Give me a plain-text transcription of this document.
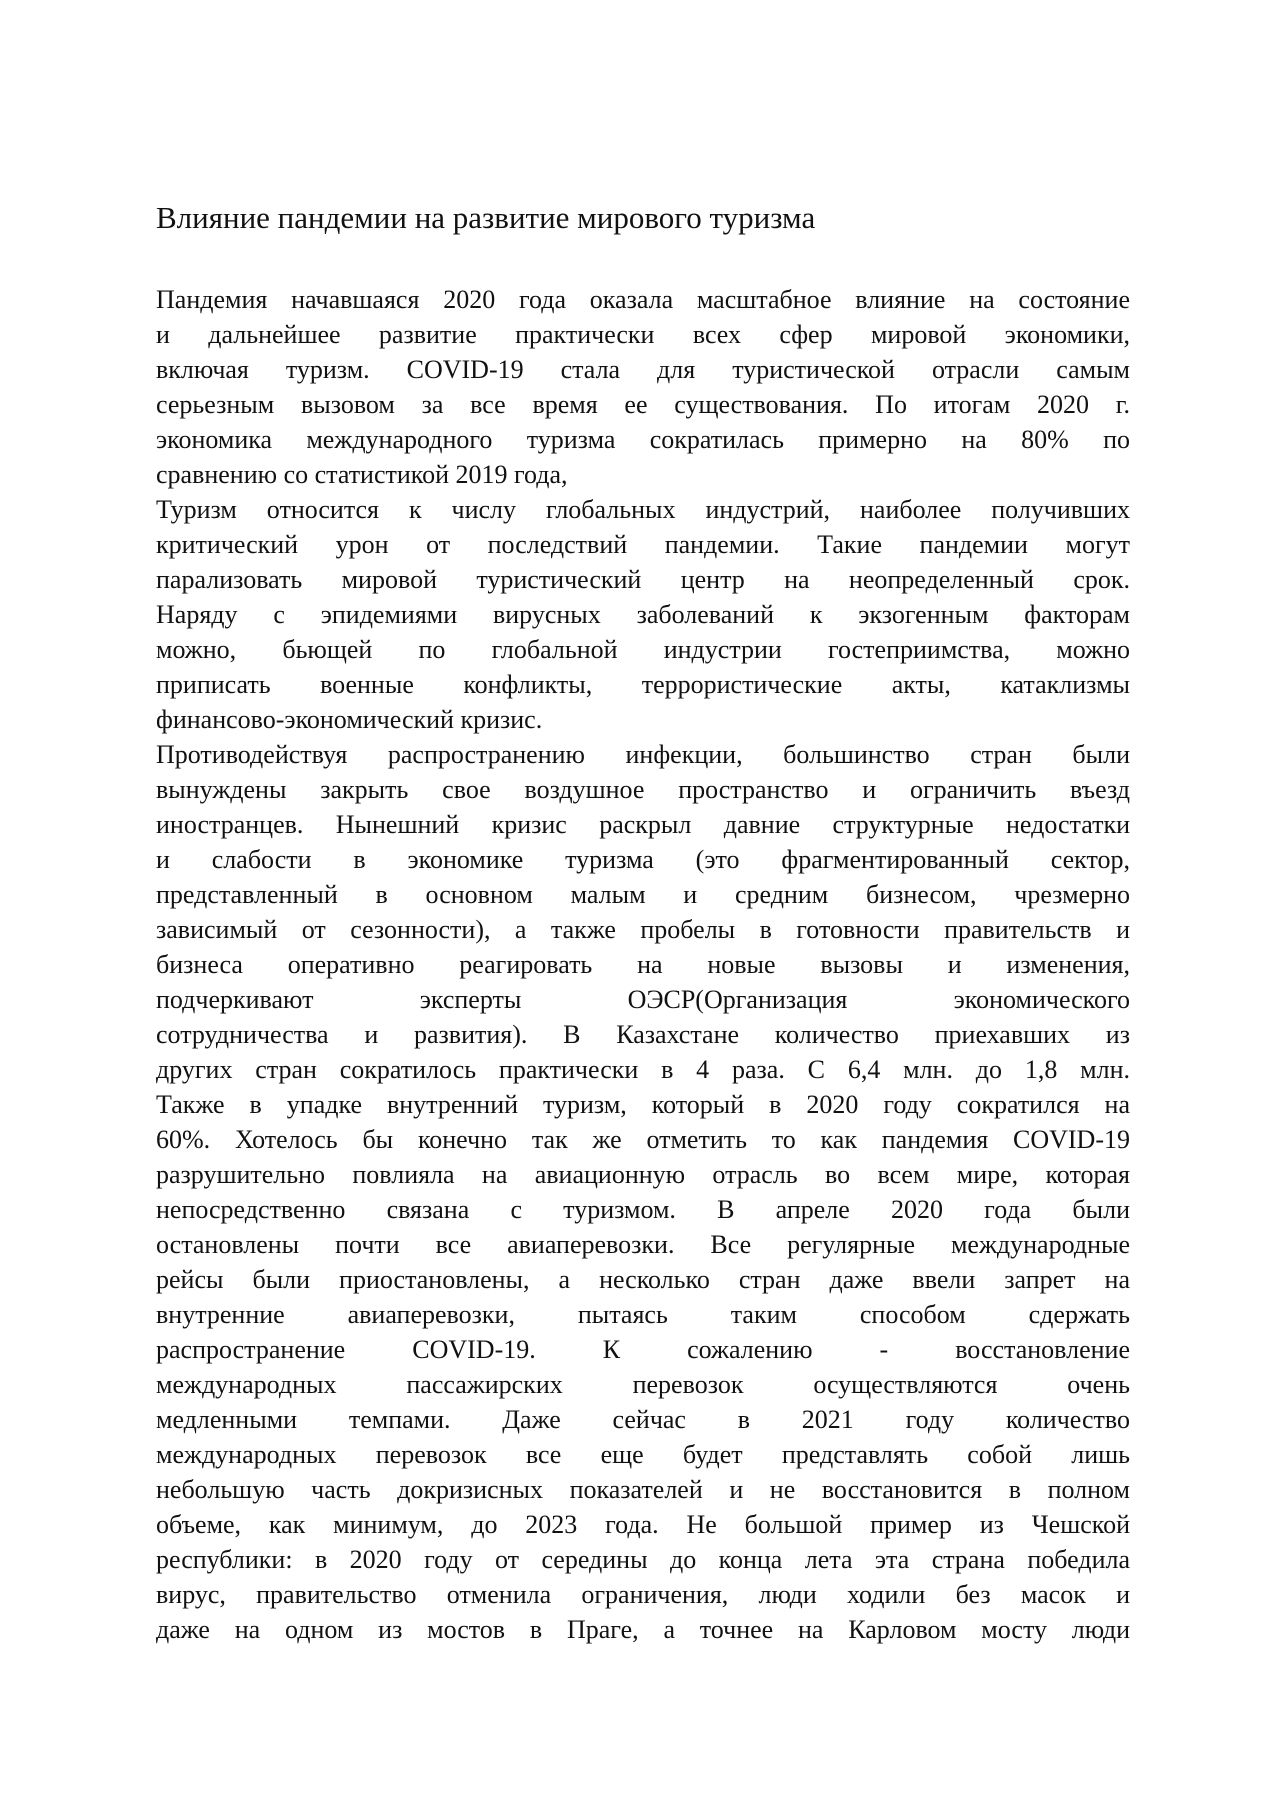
Влияние пандемии на развитие мирового туризма
Пандемия начавшаяся 2020 года оказала масштабное влияние на состояние
и дальнейшее развитие практически всех сфер мировой экономики,
включая туризм. COVID-19 стала для туристической отрасли самым
серьезным вызовом за все время ее существования. По итогам 2020 г.
экономика международного туризма сократилась примерно на 80% по
сравнению со статистикой 2019 года,
Туризм относится к числу глобальных индустрий, наиболее получивших
критический урон от последствий пандемии. Такие пандемии могут
парализовать мировой туристический центр на неопределенный срок.
Наряду с эпидемиями вирусных заболеваний к экзогенным факторам
можно, бьющей по глобальной индустрии гостеприимства, можно
приписать военные конфликты, террористические акты, катаклизмы
финансово-экономический кризис.
Противодействуя распространению инфекции, большинство стран были
вынуждены закрыть свое воздушное пространство и ограничить въезд
иностранцев. Нынешний кризис раскрыл давние структурные недостатки
и слабости в экономике туризма (это фрагментированный сектор,
представленный в основном малым и средним бизнесом, чрезмерно
зависимый от сезонности), а также пробелы в готовности правительств и
бизнеса оперативно реагировать на новые вызовы и изменения,
подчеркивают эксперты ОЭСР(Организация экономического
сотрудничества и развития). В Казахстане количество приехавших из
других стран сократилось практически в 4 раза. С 6,4 млн. до 1,8 млн.
Также в упадке внутренний туризм, который в 2020 году сократился на
60%. Хотелось бы конечно так же отметить то как пандемия COVID-19
разрушительно повлияла на авиационную отрасль во всем мире, которая
непосредственно связана с туризмом. В апреле 2020 года были
остановлены почти все авиаперевозки. Все регулярные международные
рейсы были приостановлены, а несколько стран даже ввели запрет на
внутренние авиаперевозки, пытаясь таким способом сдержать
распространение COVID-19. К сожалению - восстановление
международных пассажирских перевозок осуществляются очень
медленными темпами. Даже сейчас в 2021 году количество
международных перевозок все еще будет представлять собой лишь
небольшую часть докризисных показателей и не восстановится в полном
объеме, как минимум, до 2023 года. Не большой пример из Чешской
республики: в 2020 году от середины до конца лета эта страна победила
вирус, правительство отменила ограничения, люди ходили без масок и
даже на одном из мостов в Праге, а точнее на Карловом мосту люди
